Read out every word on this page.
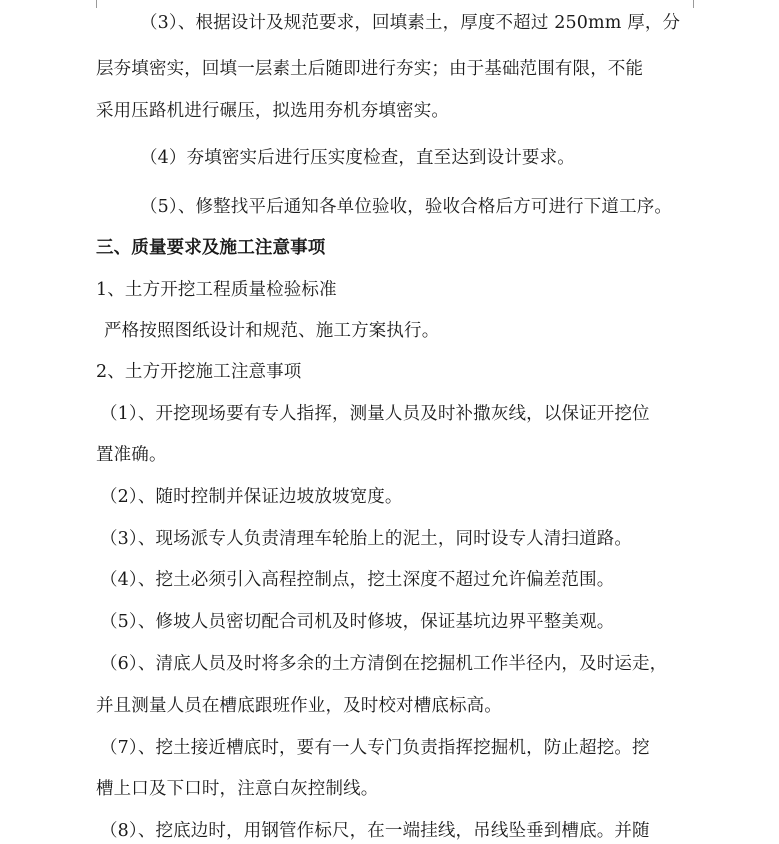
（3）、根据设计及规范要求，回填素土，厚度不超过 250mm 厚，分
层夯填密实，回填一层素土后随即进行夯实；由于基础范围有限，不能
采用压路机进行碾压，拟选用夯机夯填密实。
（4）夯填密实后进行压实度检查，直至达到设计要求。
（5）、修整找平后通知各单位验收，验收合格后方可进行下道工序。
三、质量要求及施工注意事项
1、土方开挖工程质量检验标准
严格按照图纸设计和规范、施工方案执行。
2、土方开挖施工注意事项
（1）、开挖现场要有专人指挥，测量人员及时补撒灰线，以保证开挖位
置准确。
（2）、随时控制并保证边坡放坡宽度。
（3）、现场派专人负责清理车轮胎上的泥土，同时设专人清扫道路。
（4）、挖土必须引入高程控制点，挖土深度不超过允许偏差范围。
（5）、修坡人员密切配合司机及时修坡，保证基坑边界平整美观。
（6）、清底人员及时将多余的土方清倒在挖掘机工作半径内，及时运走，
并且测量人员在槽底跟班作业，及时校对槽底标高。
（7）、挖土接近槽底时，要有一人专门负责指挥挖掘机，防止超挖。挖
槽上口及下口时，注意白灰控制线。
（8）、挖底边时，用钢管作标尺，在一端挂线，吊线坠垂到槽底。并随
